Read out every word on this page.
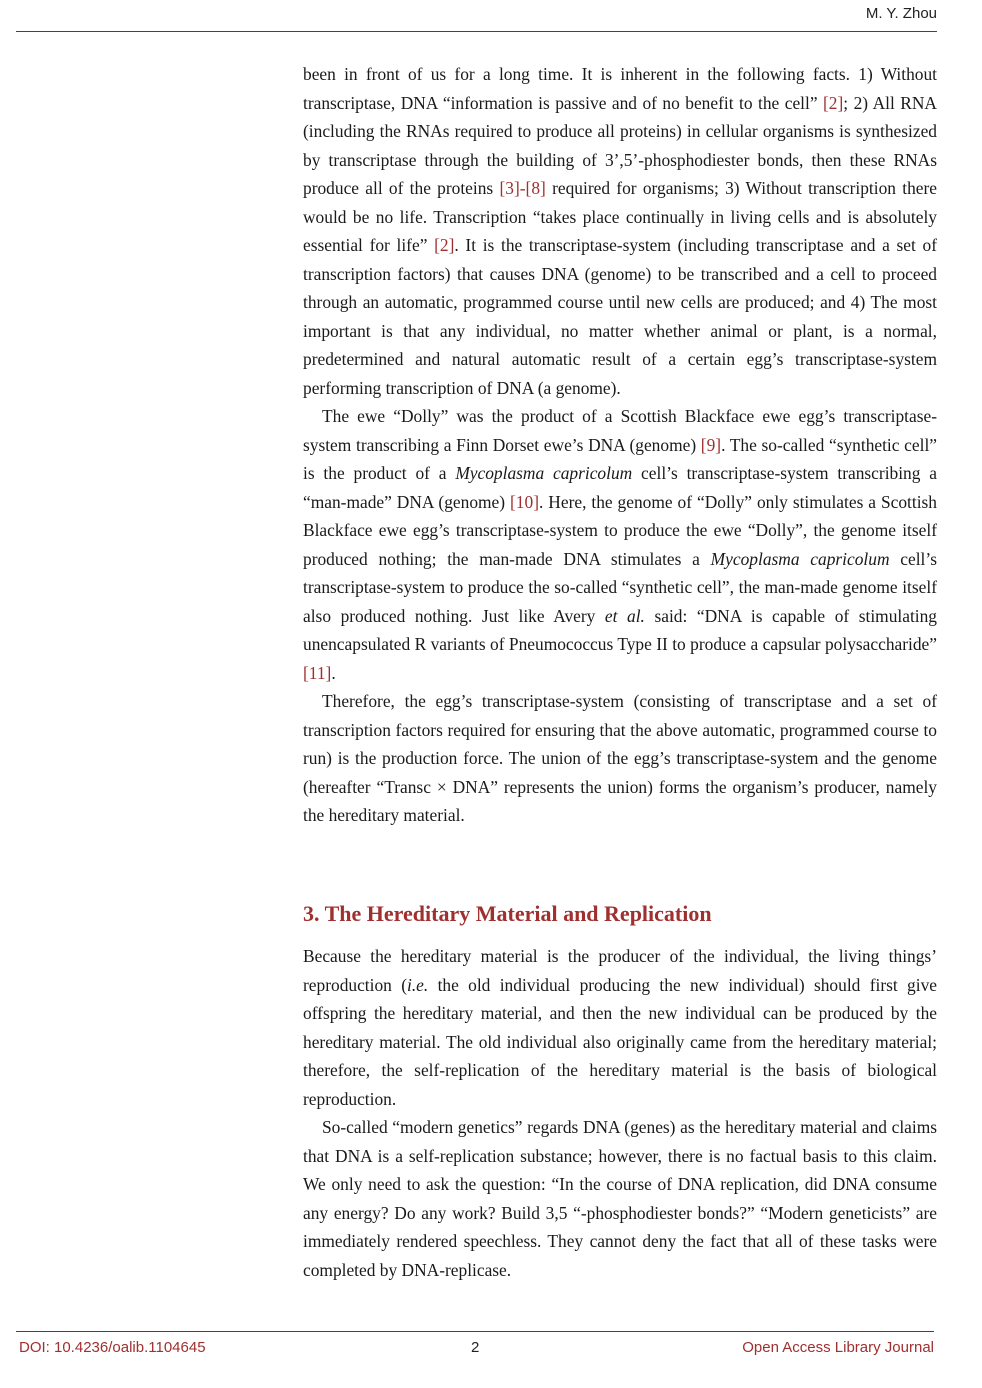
M. Y. Zhou

been in front of us for a long time. It is inherent in the following facts. 1) Without transcriptase, DNA “information is passive and of no benefit to the cell” [2]; 2) All RNA (including the RNAs required to produce all proteins) in cellular organisms is synthesized by transcriptase through the building of 3’,5’-phosphodiester bonds, then these RNAs produce all of the proteins [3]-[8] required for organisms; 3) Without transcription there would be no life. Transcription “takes place continually in living cells and is absolutely essential for life” [2]. It is the transcriptase-system (including transcriptase and a set of transcription factors) that causes DNA (genome) to be transcribed and a cell to proceed through an automatic, programmed course until new cells are produced; and 4) The most important is that any individual, no matter whether animal or plant, is a normal, predetermined and natural automatic result of a certain egg’s transcriptase-system performing transcription of DNA (a genome).

The ewe “Dolly” was the product of a Scottish Blackface ewe egg’s transcriptase-system transcribing a Finn Dorset ewe’s DNA (genome) [9]. The so-called “synthetic cell” is the product of a Mycoplasma capricolum cell’s transcriptase-system transcribing a “man-made” DNA (genome) [10]. Here, the genome of “Dolly” only stimulates a Scottish Blackface ewe egg’s transcriptase-system to produce the ewe “Dolly”, the genome itself produced nothing; the man-made DNA stimulates a Mycoplasma capricolum cell’s transcriptase-system to produce the so-called “synthetic cell”, the man-made genome itself also produced nothing. Just like Avery et al. said: “DNA is capable of stimulating unencapsulated R variants of Pneumococcus Type II to produce a capsular polysaccharide” [11].

Therefore, the egg’s transcriptase-system (consisting of transcriptase and a set of transcription factors required for ensuring that the above automatic, programmed course to run) is the production force. The union of the egg’s transcriptase-system and the genome (hereafter “Transc × DNA” represents the union) forms the organism’s producer, namely the hereditary material.

3. The Hereditary Material and Replication

Because the hereditary material is the producer of the individual, the living things’ reproduction (i.e. the old individual producing the new individual) should first give offspring the hereditary material, and then the new individual can be produced by the hereditary material. The old individual also originally came from the hereditary material; therefore, the self-replication of the hereditary material is the basis of biological reproduction.

So-called “modern genetics” regards DNA (genes) as the hereditary material and claims that DNA is a self-replication substance; however, there is no factual basis to this claim. We only need to ask the question: “In the course of DNA replication, did DNA consume any energy? Do any work? Build 3,5 “-phosphodiester bonds?” “Modern geneticists” are immediately rendered speechless. They cannot deny the fact that all of these tasks were completed by DNA-replicase.

DOI: 10.4236/oalib.1104645	2	Open Access Library Journal
